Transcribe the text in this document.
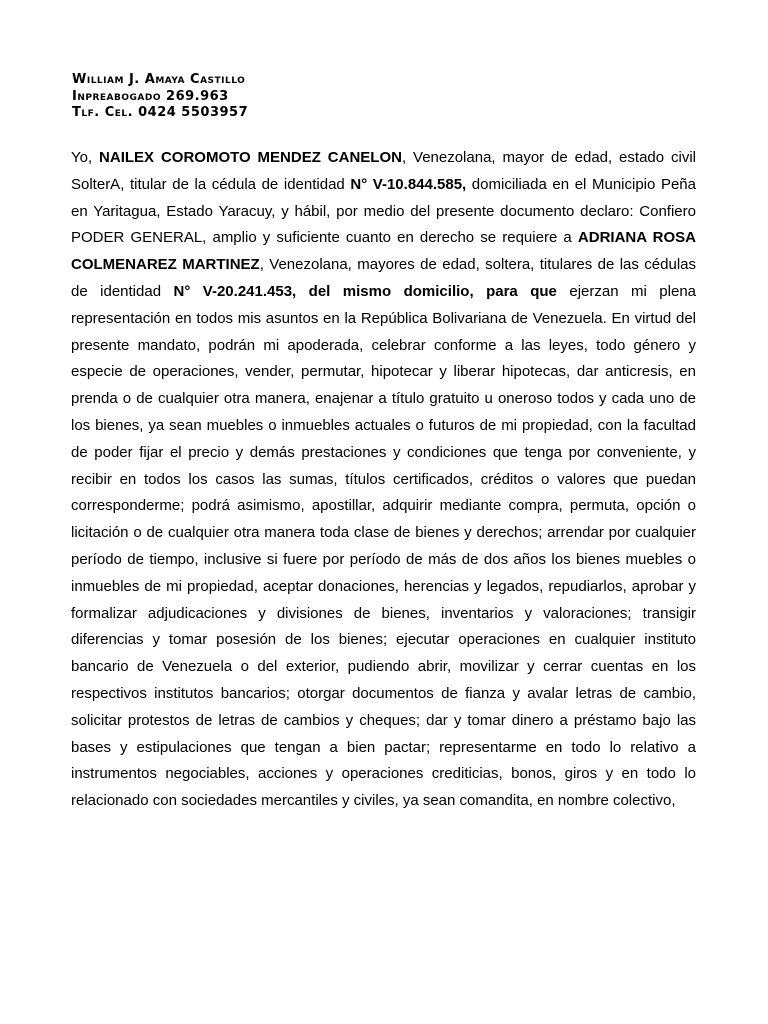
William J. Amaya Castillo
Inpreabogado 269.963
Tlf. Cel. 0424 5503957
Yo, NAILEX COROMOTO MENDEZ CANELON, Venezolana, mayor de edad, estado civil SolterA, titular de la cédula de identidad N° V-10.844.585, domiciliada en el Municipio Peña en Yaritagua, Estado Yaracuy, y hábil, por medio del presente documento declaro: Confiero PODER GENERAL, amplio y suficiente cuanto en derecho se requiere a ADRIANA ROSA COLMENAREZ MARTINEZ, Venezolana, mayores de edad, soltera, titulares de las cédulas de identidad N° V-20.241.453, del mismo domicilio, para que ejerzan mi plena representación en todos mis asuntos en la República Bolivariana de Venezuela. En virtud del presente mandato, podrán mi apoderada, celebrar conforme a las leyes, todo género y especie de operaciones, vender, permutar, hipotecar y liberar hipotecas, dar anticresis, en prenda o de cualquier otra manera, enajenar a título gratuito u oneroso todos y cada uno de los bienes, ya sean muebles o inmuebles actuales o futuros de mi propiedad, con la facultad de poder fijar el precio y demás prestaciones y condiciones que tenga por conveniente, y recibir en todos los casos las sumas, títulos certificados, créditos o valores que puedan corresponderme; podrá asimismo, apostillar, adquirir mediante compra, permuta, opción o licitación o de cualquier otra manera toda clase de bienes y derechos; arrendar por cualquier período de tiempo, inclusive si fuere por período de más de dos años los bienes muebles o inmuebles de mi propiedad, aceptar donaciones, herencias y legados, repudiarlos, aprobar y formalizar adjudicaciones y divisiones de bienes, inventarios y valoraciones; transigir diferencias y tomar posesión de los bienes; ejecutar operaciones en cualquier instituto bancario de Venezuela o del exterior, pudiendo abrir, movilizar y cerrar cuentas en los respectivos institutos bancarios; otorgar documentos de fianza y avalar letras de cambio, solicitar protestos de letras de cambios y cheques; dar y tomar dinero a préstamo bajo las bases y estipulaciones que tengan a bien pactar; representarme en todo lo relativo a instrumentos negociables, acciones y operaciones crediticias, bonos, giros y en todo lo relacionado con sociedades mercantiles y civiles, ya sean comandita, en nombre colectivo,
